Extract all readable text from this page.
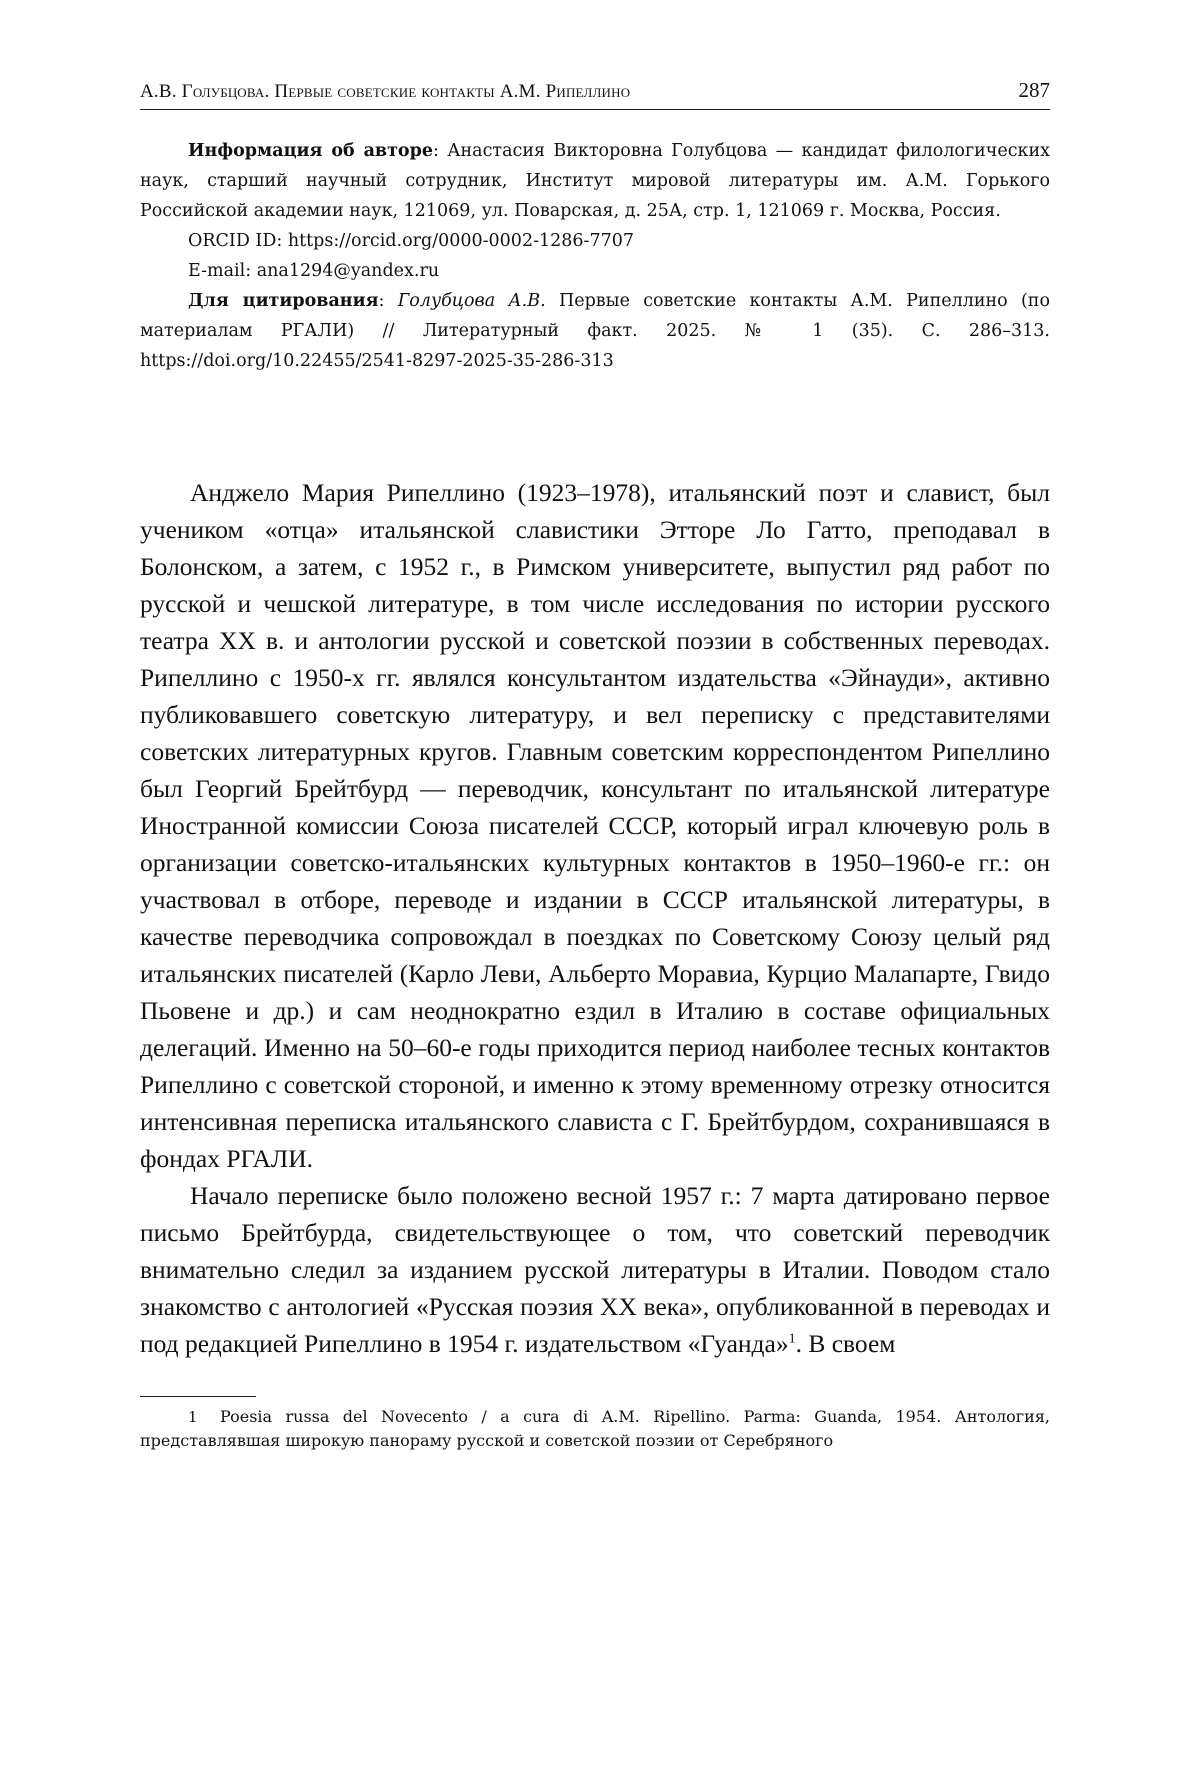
А.В. Голубцова. Первые советские контакты А.М. Рипеллино	287

Информация об авторе: Анастасия Викторовна Голубцова — кандидат филологических наук, старший научный сотрудник, Институт мировой литературы им. А.М. Горького Российской академии наук, 121069, ул. Поварская, д. 25А, стр. 1, 121069 г. Москва, Россия.

ORCID ID: https://orcid.org/0000-0002-1286-7707

E-mail: ana1294@yandex.ru

Для цитирования: Голубцова А.В. Первые советские контакты А.М. Рипеллино (по материалам РГАЛИ) // Литературный факт. 2025. № 1 (35). С. 286–313. https://doi.org/10.22455/2541-8297-2025-35-286-313

Анджело Мария Рипеллино (1923–1978), итальянский поэт и славист, был учеником «отца» итальянской славистики Этторе Ло Гатто, преподавал в Болонском, а затем, с 1952 г., в Римском университете, выпустил ряд работ по русской и чешской литературе, в том числе исследования по истории русского театра XX в. и антологии русской и советской поэзии в собственных переводах. Рипеллино с 1950-х гг. являлся консультантом издательства «Эйнауди», активно публиковавшего советскую литературу, и вел переписку с представителями советских литературных кругов. Главным советским корреспондентом Рипеллино был Георгий Брейтбурд — переводчик, консультант по итальянской литературе Иностранной комиссии Союза писателей СССР, который играл ключевую роль в организации советско-итальянских культурных контактов в 1950–1960-е гг.: он участвовал в отборе, переводе и издании в СССР итальянской литературы, в качестве переводчика сопровождал в поездках по Советскому Союзу целый ряд итальянских писателей (Карло Леви, Альберто Моравиа, Курцио Малапарте, Гвидо Пьовене и др.) и сам неоднократно ездил в Италию в составе официальных делегаций. Именно на 50–60-е годы приходится период наиболее тесных контактов Рипеллино с советской стороной, и именно к этому временному отрезку относится интенсивная переписка итальянского слависта с Г. Брейтбурдом, сохранившаяся в фондах РГАЛИ.

Начало переписке было положено весной 1957 г.: 7 марта датировано первое письмо Брейтбурда, свидетельствующее о том, что советский переводчик внимательно следил за изданием русской литературы в Италии. Поводом стало знакомство с антологией «Русская поэзия XX века», опубликованной в переводах и под редакцией Рипеллино в 1954 г. издательством «Гуанда»$^1$. В своем

1 Poesia russa del Novecento / a cura di A.M. Ripellino. Parma: Guanda, 1954. Антология, представлявшая широкую панораму русской и советской поэзии от Серебряного
